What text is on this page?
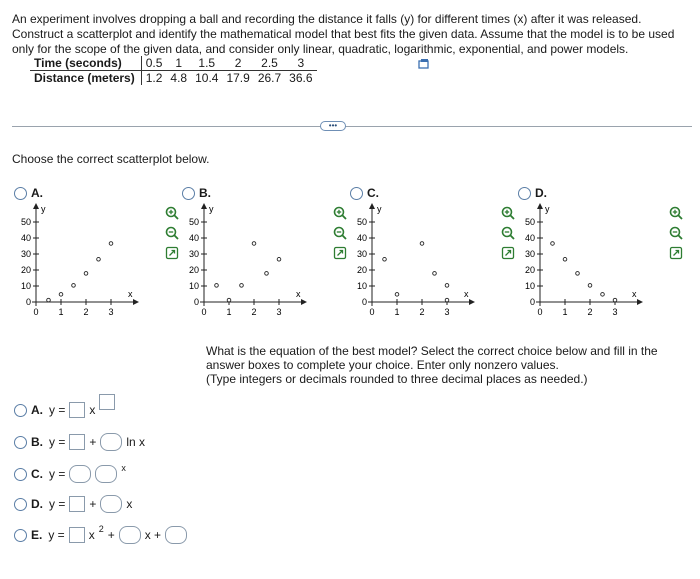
An experiment involves dropping a ball and recording the distance it falls (y) for different times (x) after it was released. Construct a scatterplot and identify the mathematical model that best fits the given data. Assume that the model is to be used only for the scope of the given data, and consider only linear, quadratic, logarithmic, exponential, and power models.

Time (seconds)	0.5	1	1.5	2	2.5	3
Distance (meters)	1.2	4.8	10.4	17.9	26.7	36.6
•••
Choose the correct scatterplot below.
A.
y
x
50
40
30
20
10
0
0 1 2 3
B.
y
x
50
40
30
20
10
0
0 1 2 3
C.
y
x
50
40
30
20
10
0
0 1 2 3
D.
y
x
50
40
30
20
10
0
0 1 2 3

What is the equation of the best model? Select the correct choice below and fill in the answer boxes to complete your choice. Enter only nonzero values.

(Type integers or decimals rounded to three decimal places as needed.)

A. y = x
B. y = +	ln x
C. y =	x
D. y = +	x
E. y = x 2 +	x +
